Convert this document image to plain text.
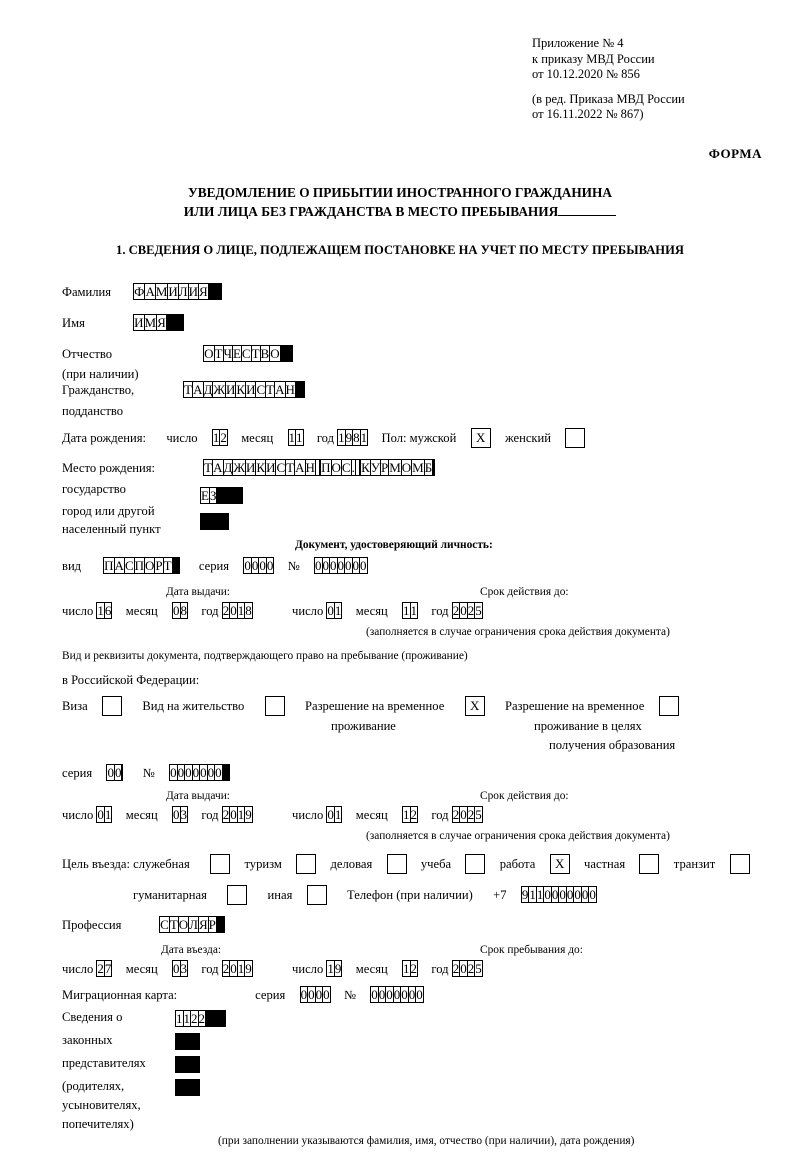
Приложение № 4
к приказу МВД России
от 10.12.2020 № 856
(в ред. Приказа МВД России
от 16.11.2022 № 867)
ФОРМА
УВЕДОМЛЕНИЕ О ПРИБЫТИИ ИНОСТРАННОГО ГРАЖДАНИНА
ИЛИ ЛИЦА БЕЗ ГРАЖДАНСТВА В МЕСТО ПРЕБЫВАНИЯ
1. СВЕДЕНИЯ О ЛИЦЕ, ПОДЛЕЖАЩЕМ ПОСТАНОВКЕ НА УЧЕТ ПО МЕСТУ ПРЕБЫВАНИЯ
Фамилия ФАМИЛИЯ
Имя	ИМЯ
Отчество	ОТЧЕСТВО
(при наличии)
Гражданство,	ТАДЖИКИСТАН
подданство
Дата рождения: число 12 месяц 11 год 1981 Пол: мужской X женский
Место рождения:	ТАДЖИКИСТАН ПОС. КУРМОМБ
государство	ЕЗ
город или другой
населенный пункт
Документ, удостоверяющий личность:
вид ПАСПОРТ серия 0000 № 0000000
Дата выдачи:	Срок действия до:
число 16 месяц 08 год 2018	число 01 месяц 11 год 2025
(заполняется в случае ограничения срока действия документа)
Вид и реквизиты документа, подтверждающего право на пребывание (проживание)
в Российской Федерации:
Виза	Вид на жительство	Разрешение на временное X Разрешение на временное
проживание	проживание в целях
получения образования
серия 00 № 0000000
Дата выдачи:	Срок действия до:
число 01 месяц 03 год 2019	число 01 месяц 12 год 2025
(заполняется в случае ограничения срока действия документа)
Цель въезда: служебная	туризм	деловая	учеба	работа X частная	транзит
гуманитарная	иная	Телефон (при наличии) +7 9110000000
Профессия	СТОЛЯР
Дата въезда:	Срок пребывания до:
число 27 месяц 03 год 2019	число 19 месяц 12 год 2025
Миграционная карта:	серия 0000 № 0000000
Сведения о
законных
представителях
(родителях,
усыновителях,
попечителях)
1122
(при заполнении указываются фамилия, имя, отчество (при наличии), дата рождения)
